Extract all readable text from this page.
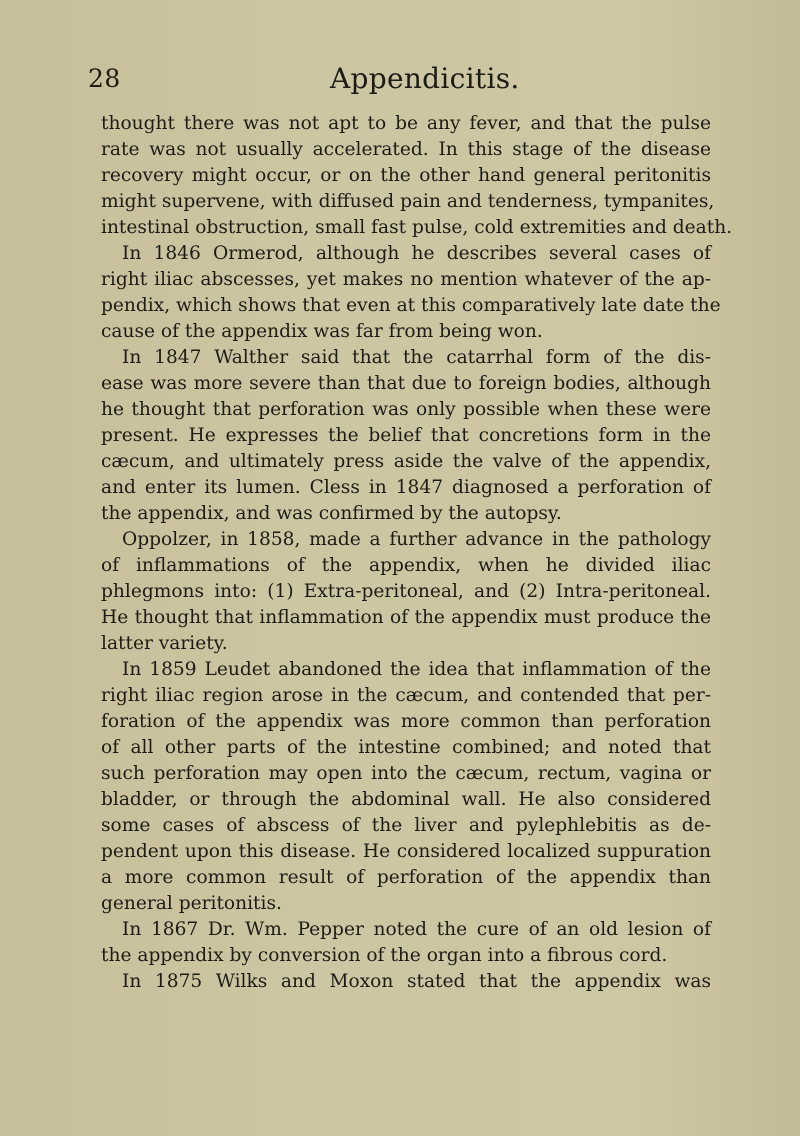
28	Appendicitis.
thought there was not apt to be any fever, and that the pulse
rate was not usually accelerated. In this stage of the disease
recovery might occur, or on the other hand general peritonitis
might supervene, with diffused pain and tenderness, tympanites,
intestinal obstruction, small fast pulse, cold extremities and death.
In 1846 Ormerod, although he describes several cases of
right iliac abscesses, yet makes no mention whatever of the ap-
pendix, which shows that even at this comparatively late date the
cause of the appendix was far from being won.
In 1847 Walther said that the catarrhal form of the dis-
ease was more severe than that due to foreign bodies, although
he thought that perforation was only possible when these were
present. He expresses the belief that concretions form in the
cæcum, and ultimately press aside the valve of the appendix,
and enter its lumen. Cless in 1847 diagnosed a perforation of
the appendix, and was confirmed by the autopsy.
Oppolzer, in 1858, made a further advance in the pathology
of inflammations of the appendix, when he divided iliac
phlegmons into: (1) Extra-peritoneal, and (2) Intra-peritoneal.
He thought that inflammation of the appendix must produce the
latter variety.
In 1859 Leudet abandoned the idea that inflammation of the
right iliac region arose in the cæcum, and contended that per-
foration of the appendix was more common than perforation
of all other parts of the intestine combined; and noted that
such perforation may open into the cæcum, rectum, vagina or
bladder, or through the abdominal wall. He also considered
some cases of abscess of the liver and pylephlebitis as de-
pendent upon this disease. He considered localized suppuration
a more common result of perforation of the appendix than
general peritonitis.
In 1867 Dr. Wm. Pepper noted the cure of an old lesion of
the appendix by conversion of the organ into a fibrous cord.
In 1875 Wilks and Moxon stated that the appendix was
